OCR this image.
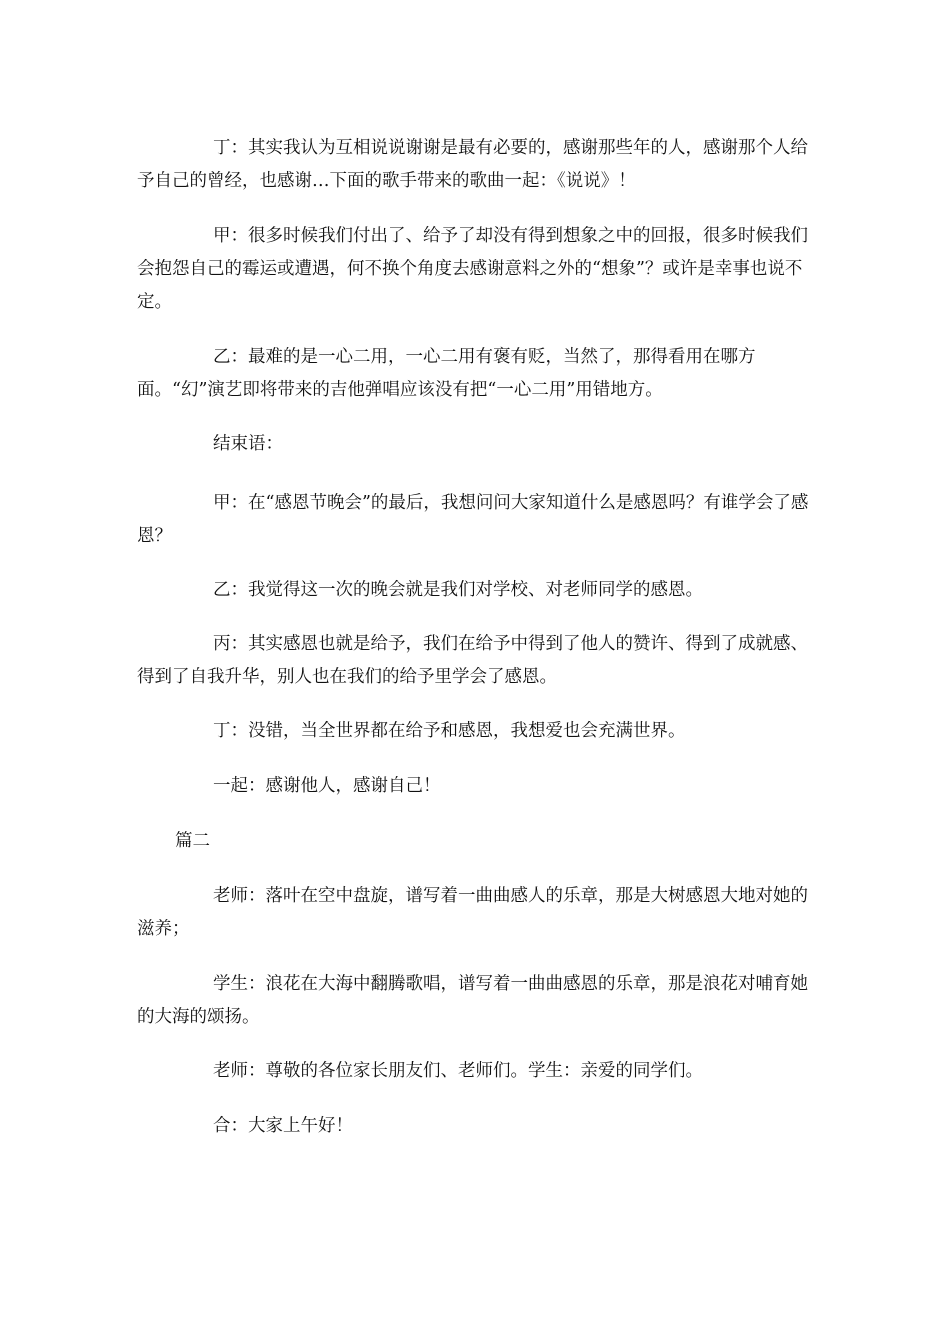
丁：其实我认为互相说说谢谢是最有必要的，感谢那些年的人，感谢那个人给予自己的曾经，也感谢…下面的歌手带来的歌曲一起：《说说》！

甲：很多时候我们付出了、给予了却没有得到想象之中的回报，很多时候我们会抱怨自己的霉运或遭遇，何不换个角度去感谢意料之外的“想象”？或许是幸事也说不定。

乙：最难的是一心二用，一心二用有褒有贬，当然了，那得看用在哪方面。“幻”演艺即将带来的吉他弹唱应该没有把“一心二用”用错地方。

结束语：

甲：在“感恩节晚会”的最后，我想问问大家知道什么是感恩吗？有谁学会了感恩？

乙：我觉得这一次的晚会就是我们对学校、对老师同学的感恩。

丙：其实感恩也就是给予，我们在给予中得到了他人的赞许、得到了成就感、得到了自我升华，别人也在我们的给予里学会了感恩。

丁：没错，当全世界都在给予和感恩，我想爱也会充满世界。

一起：感谢他人，感谢自己！

篇二

老师：落叶在空中盘旋，谱写着一曲曲感人的乐章，那是大树感恩大地对她的滋养；

学生：浪花在大海中翻腾歌唱，谱写着一曲曲感恩的乐章，那是浪花对哺育她的大海的颂扬。

老师：尊敬的各位家长朋友们、老师们。学生：亲爱的同学们。

合：大家上午好！
